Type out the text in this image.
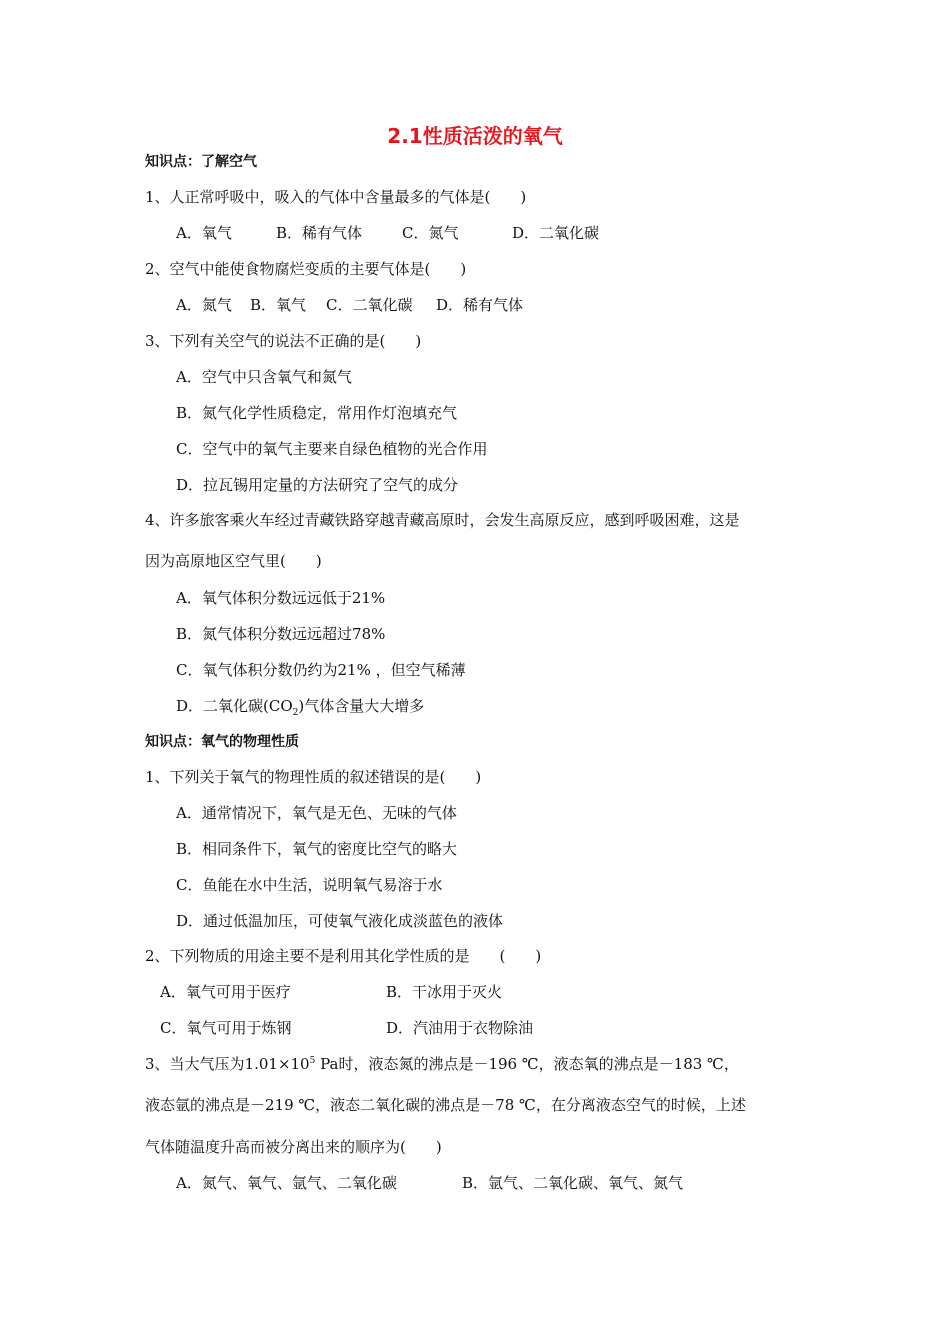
2.1性质活泼的氧气
知识点：了解空气
1、人正常呼吸中，吸入的气体中含量最多的气体是(　　)
A．氧气	B．稀有气体	C．氮气	D．二氧化碳
2、空气中能使食物腐烂变质的主要气体是(　　)
A．氮气 B．氧气 C．二氧化碳 D．稀有气体
3、下列有关空气的说法不正确的是(　　)
A．空气中只含氧气和氮气
B．氮气化学性质稳定，常用作灯泡填充气
C．空气中的氧气主要来自绿色植物的光合作用
D．拉瓦锡用定量的方法研究了空气的成分
4、许多旅客乘火车经过青藏铁路穿越青藏高原时，会发生高原反应，感到呼吸困难，这是
因为高原地区空气里(　　)
A．氧气体积分数远远低于21%
B．氮气体积分数远远超过78%
C．氧气体积分数仍约为21% ，但空气稀薄
D．二氧化碳$(CO_2)$气体含量大大增多
知识点：氧气的物理性质
1、下列关于氧气的物理性质的叙述错误的是(　　)
A．通常情况下，氧气是无色、无味的气体
B．相同条件下，氧气的密度比空气的略大
C．鱼能在水中生活，说明氧气易溶于水
D．通过低温加压，可使氧气液化成淡蓝色的液体
2、下列物质的用途主要不是利用其化学性质的是　　(　　)
A．氧气可用于医疗	B．干冰用于灭火
C．氧气可用于炼钢	D．汽油用于衣物除油
3、当大气压为$1.01\times 10^5$ Pa时，液态氮的沸点是－196 ℃，液态氧的沸点是－183 ℃，
液态氩的沸点是－219 ℃，液态二氧化碳的沸点是－78 ℃，在分离液态空气的时候，上述
气体随温度升高而被分离出来的顺序为(　　)
A．氮气、氧气、氩气、二氧化碳	B．氩气、二氧化碳、氧气、氮气
